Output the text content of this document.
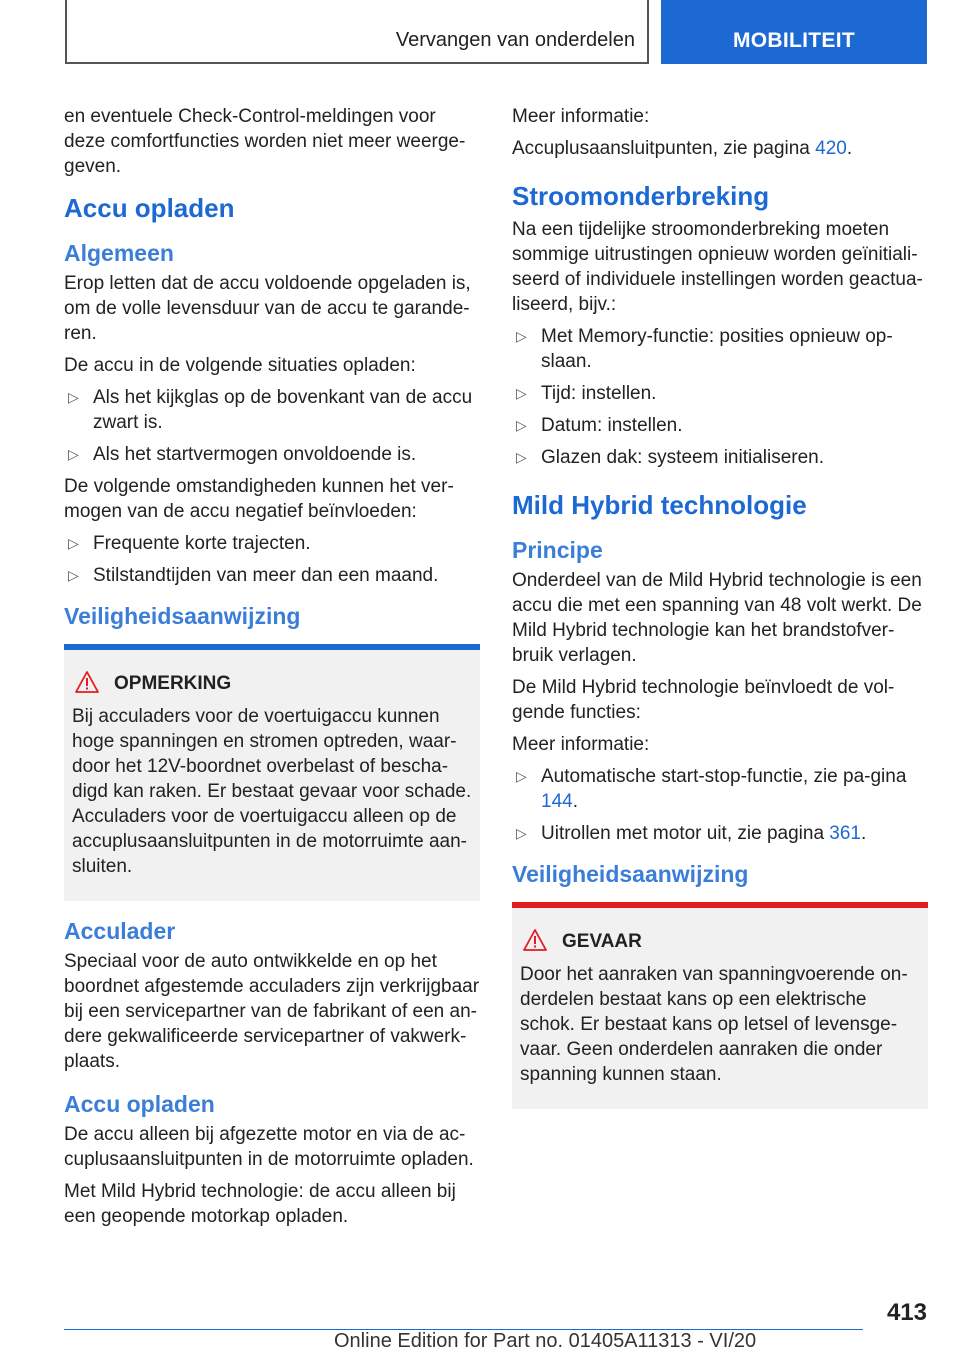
Vervangen van onderdelen	MOBILITEIT

en eventuele Check-Control-meldingen voor deze comfortfuncties worden niet meer weerge-geven.

Accu opladen
Algemeen

Erop letten dat de accu voldoende opgeladen is, om de volle levensduur van de accu te garande-ren.

De accu in de volgende situaties opladen:

▷ Als het kijkglas op de bovenkant van de accu zwart is.
▷ Als het startvermogen onvoldoende is.

De volgende omstandigheden kunnen het ver-mogen van de accu negatief beïnvloeden:

▷ Frequente korte trajecten.
▷ Stilstandtijden van meer dan een maand.
Veiligheidsaanwijzing
OPMERKING

Bij acculaders voor de voertuigaccu kunnen hoge spanningen en stromen optreden, waar-door het 12V-boordnet overbelast of bescha-digd kan raken. Er bestaat gevaar voor schade. Acculaders voor de voertuigaccu alleen op de accuplusaansluitpunten in de motorruimte aan-sluiten.

Acculader

Speciaal voor de auto ontwikkelde en op het boordnet afgestemde acculaders zijn verkrijgbaar bij een servicepartner van de fabrikant of een an-dere gekwalificeerde servicepartner of vakwerk-plaats.

Accu opladen

De accu alleen bij afgezette motor en via de ac-cuplusaansluitpunten in de motorruimte opladen.

Met Mild Hybrid technologie: de accu alleen bij een geopende motorkap opladen.

Meer informatie:

Accuplusaansluitpunten, zie pagina 420.

Stroomonderbreking

Na een tijdelijke stroomonderbreking moeten sommige uitrustingen opnieuw worden geïnitiali-seerd of individuele instellingen worden geactua-liseerd, bijv.:

▷ Met Memory-functie: posities opnieuw op-slaan.
▷ Tijd: instellen.
▷ Datum: instellen.
▷ Glazen dak: systeem initialiseren.
Mild Hybrid technologie
Principe

Onderdeel van de Mild Hybrid technologie is een accu die met een spanning van 48 volt werkt. De Mild Hybrid technologie kan het brandstofver-bruik verlagen.

De Mild Hybrid technologie beïnvloedt de vol-gende functies:

Meer informatie:

▷ Automatische start-stop-functie, zie pa-gina 144.
▷ Uitrollen met motor uit, zie pagina 361.
Veiligheidsaanwijzing
GEVAAR

Door het aanraken van spanningvoerende on-derdelen bestaat kans op een elektrische schok. Er bestaat kans op letsel of levensge-vaar. Geen onderdelen aanraken die onder spanning kunnen staan.

413
Online Edition for Part no. 01405A11313 - VI/20
